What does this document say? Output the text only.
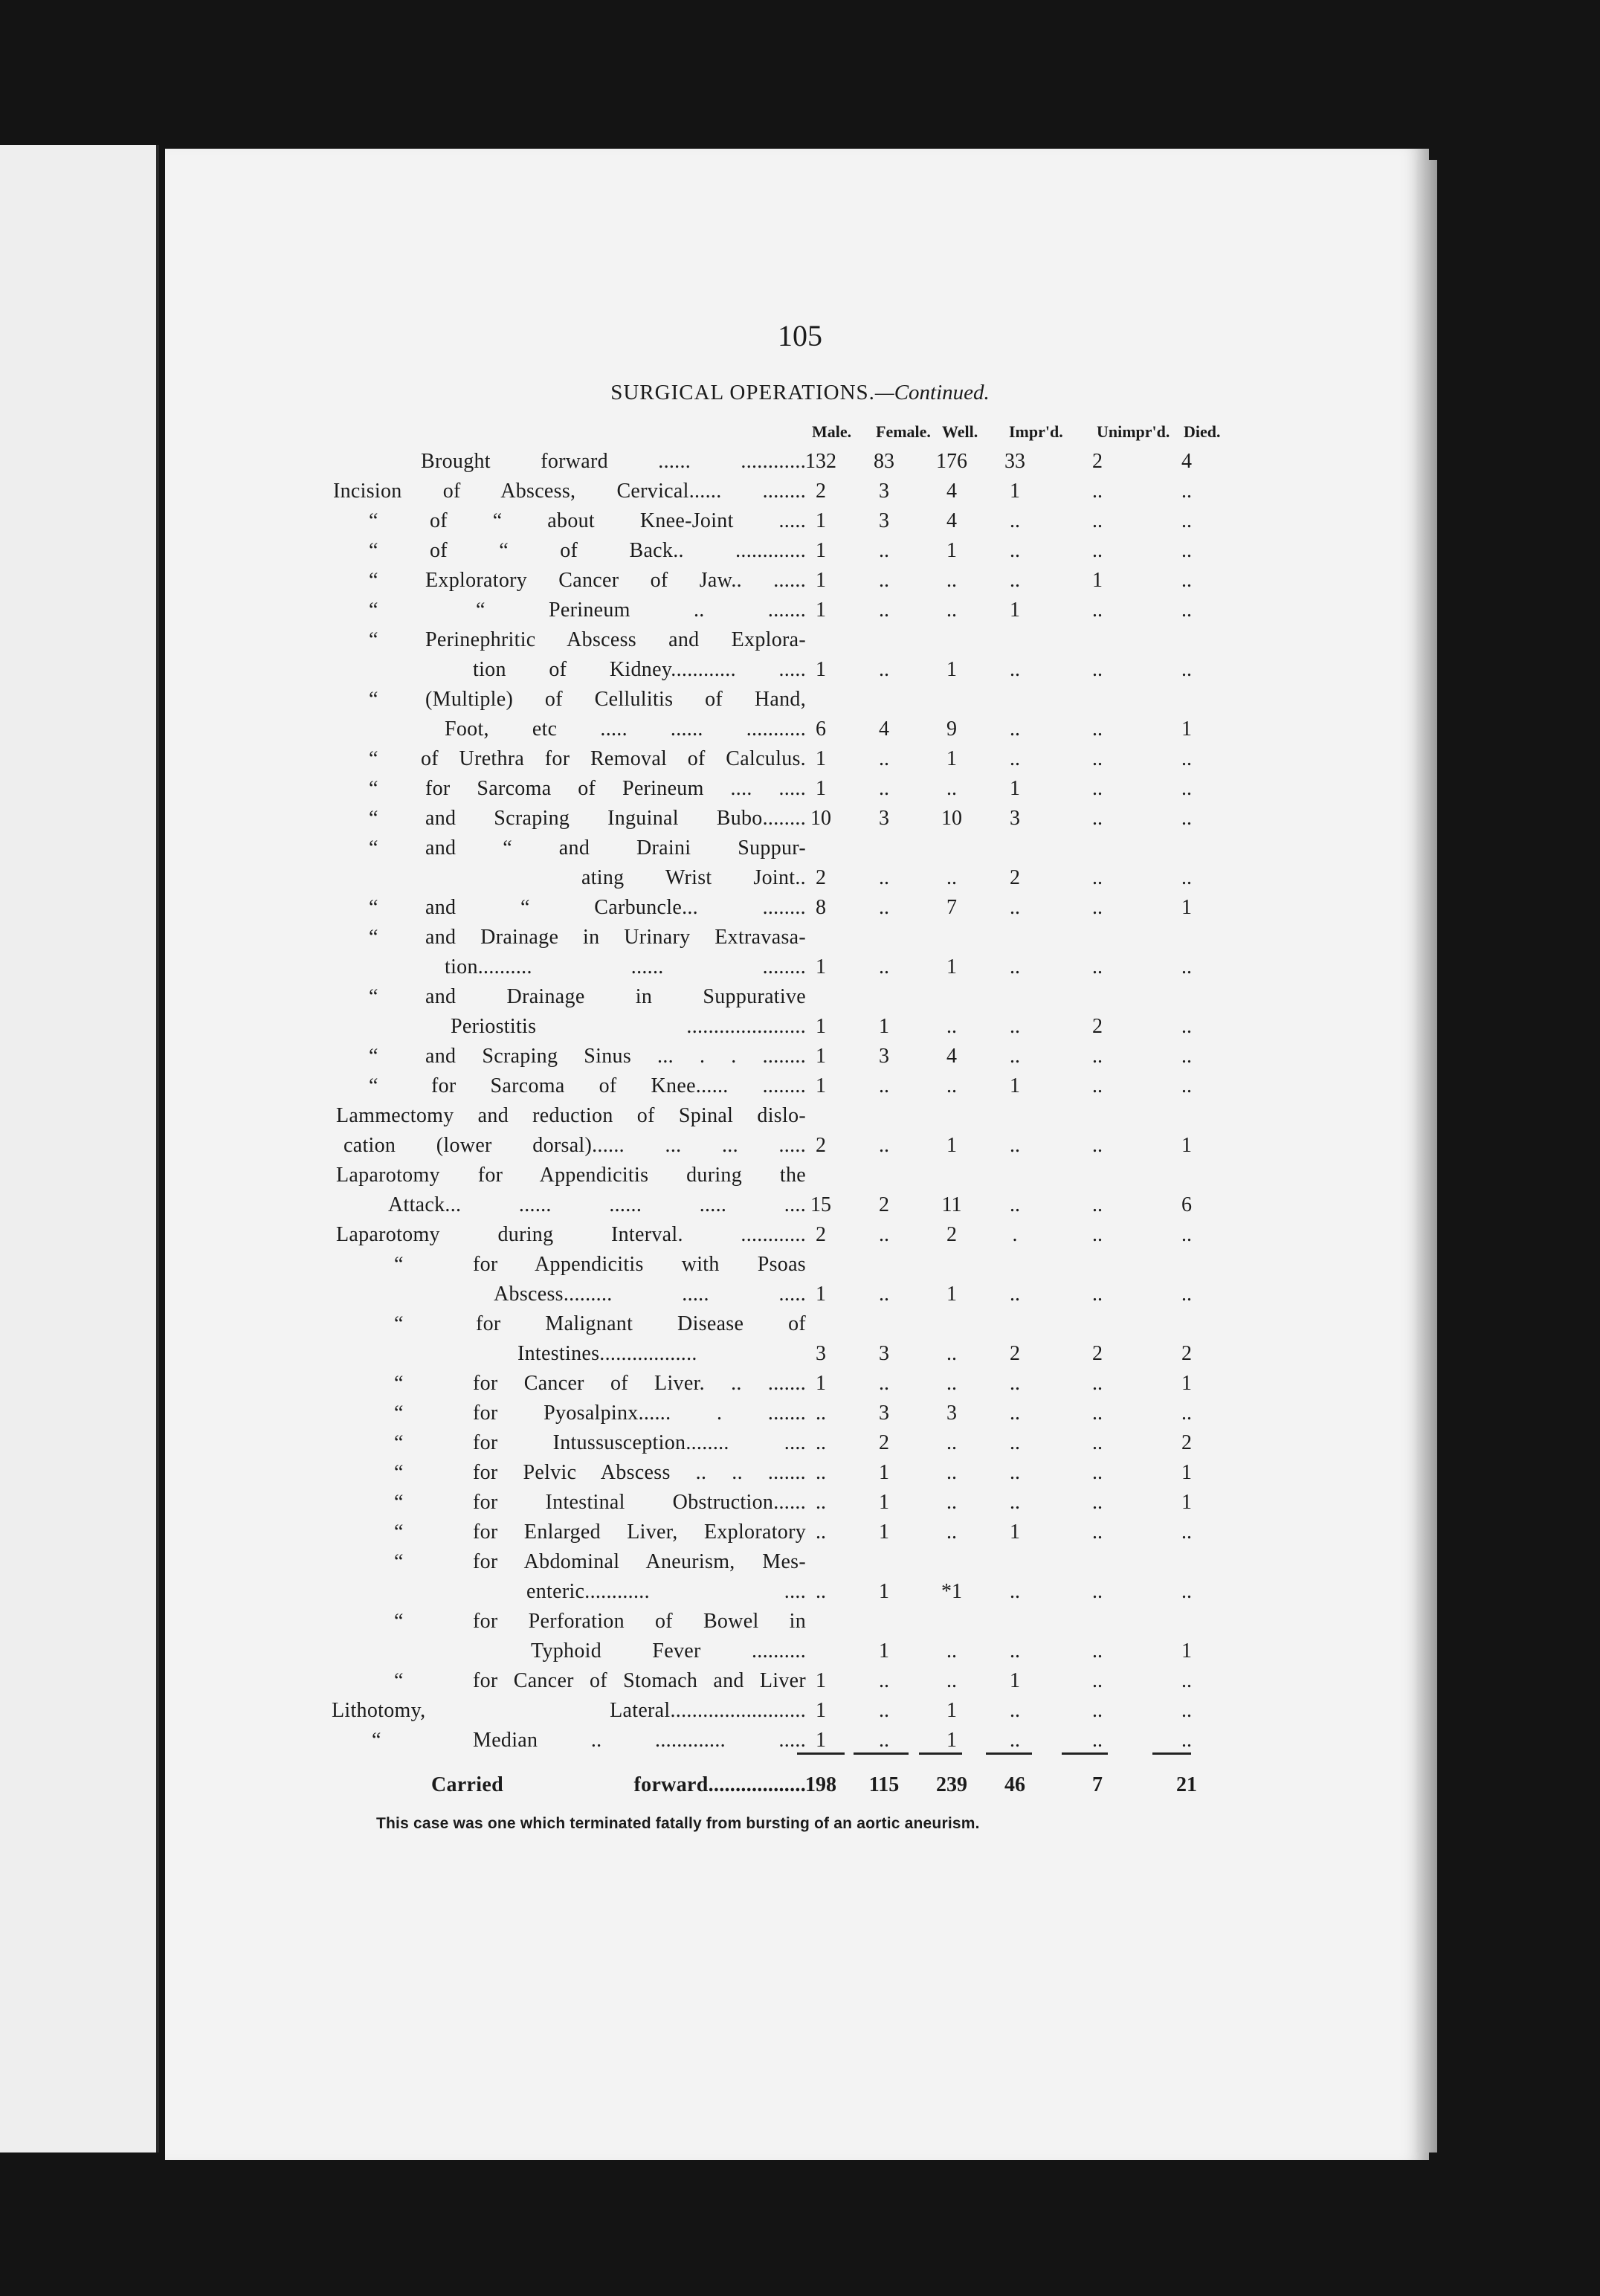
105
SURGICAL OPERATIONS.—Continued.
Male. Female. Well. Impr'd. Unimpr'd. Died.
Brought forward ...... ............ 132	83	176	33	2	4
Incision of Abscess, Cervical...... ........ 2	3	4	1	..	..
“ of “ about Knee-Joint ..... 1	3	4	..	..	..
“ of “ of Back.. ............. 1	..	1	..	..	..
“ Exploratory Cancer of Jaw.. ...... 1	..	..	..	1	..
“	“ Perineum .. ....... 1	..	..	1	..	..
“ Perinephritic Abscess and Explora-
tion of Kidney............ ..... 1	..	1	..	..	..
“ (Multiple) of Cellulitis of Hand,
Foot, etc ..... ...... ........... 6	4	9	..	..	1
“ of Urethra for Removal of Calculus. 1	..	1	..	..	..
“ for Sarcoma of Perineum .... ..... 1	..	..	1	..	..
“ and Scraping Inguinal Bubo........ 10	3	10	3	..	..
“ and “ and Draini Suppur-
ating Wrist Joint.. 2	..	..	2	..	..
“ and “ Carbuncle... ........ 8	..	7	..	..	1
“ and Drainage in Urinary Extravasa-
tion.......... ...... ........ 1	..	1	..	..	..
“ and Drainage in Suppurative
Periostitis ...................... 1	1	..	..	2	..
“ and Scraping Sinus ... . . ........ 1	3	4	..	..	..
“ for Sarcoma of Knee...... ........ 1	..	..	1	..	..
Lammectomy and reduction of Spinal dislo-
cation (lower dorsal)...... ... ... ..... 2	..	1	..	..	1
Laparotomy for Appendicitis during the
Attack... ...... ...... ..... .... 15	2	11	..	..	6
Laparotomy during Interval. ............ 2	..	2	.	..	..
“	for Appendicitis with Psoas
Abscess......... ..... ..... 1	..	1	..	..	..
“	for Malignant Disease of
Intestines..................	3	3	..	2	2	2
“	for Cancer of Liver. .. ....... 1	..	..	..	..	1
“	for Pyosalpinx...... . ....... ..	3	3	..	..	..
“	for Intussusception........ .... ..	2	..	..	..	2
“	for Pelvic Abscess .. .. ....... ..	1	..	..	..	1
“	for Intestinal Obstruction...... ..	1	..	..	..	1
“	for Enlarged Liver, Exploratory ..	1	..	1	..	..
“	for Abdominal Aneurism, Mes-
enteric............ .... ..	1	*1	..	..	..
“	for Perforation of Bowel in
Typhoid Fever ..........	1	..	..	..	1
“	for Cancer of Stomach and Liver 1	..	..	1	..	..
Lithotomy, Lateral......................... 1	..	1	..	..	..
“	Median .. ............. ..... 1	..	1	..	..	..
Carried forward.................. 198	115	239	46	7	21
This case was one which terminated fatally from bursting of an aortic aneurism.
